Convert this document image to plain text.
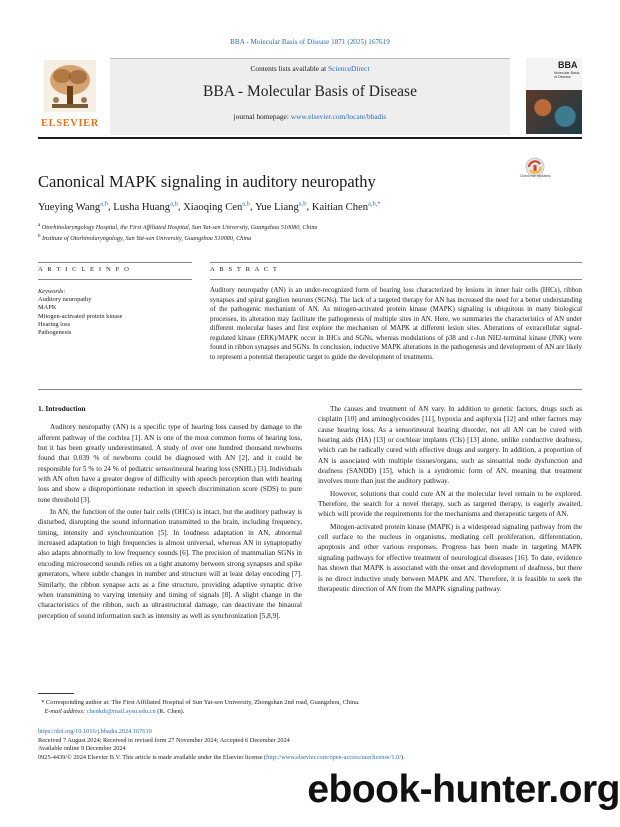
BBA - Molecular Basis of Disease 1871 (2025) 167619
ELSEVIER
Contents lists available at ScienceDirect
BBA - Molecular Basis of Disease
journal homepage: www.elsevier.com/locate/bbadis
BBA
Molecular Basis of Disease
Canonical MAPK signaling in auditory neuropathy	Check for updates
Yueying Wang$^{a,b}$, Lusha Huang$^{a,b}$, Xiaoqing Cen$^{a,b}$, Yue Liang$^{a,b}$, Kaitian Chen$^{a,b,*}$
$^a$ Otorhinolaryngology Hospital, the First Affiliated Hospital, Sun Yat-sen University, Guangzhou 510080, China
$^b$ Institute of Otorhinolaryngology, Sun Yat-sen University, Guangzhou 510080, China
A R T I C L E I N F O	A B S T R A C T
Keywords:
Auditory neuropathy
MAPK
Mitogen-activated protein kinase
Hearing loss
Pathogenesis
Auditory neuropathy (AN) is an under-recognized form of hearing loss characterized by lesions in inner hair cells (IHCs), ribbon synapses and spiral ganglion neurons (SGNs). The lack of a targeted therapy for AN has increased the need for a better understanding of the pathogenic mechanism of AN. As mitogen-activated protein kinase (MAPK) signaling is ubiquitous in many biological processes, its alteration may facilitate the pathogenesis of multiple sites in AN. Here, we summaries the characteristics of AN under different molecular bases and first explore the mechanism of MAPK at different lesion sites. Alterations of extracellular signal-regulated kinase (ERK)/MAPK occur in IHCs and SGNs, whereas modulations of p38 and c-Jun NH2-terminal kinase (JNK) were found in ribbon synapses and SGNs. In conclusion, inductive MAPK alterations in the pathogenesis and development of AN are likely to represent a potential therapeutic target to guide the development of treatments.
1. Introduction

Auditory neuropathy (AN) is a specific type of hearing loss caused by damage to the afferent pathway of the cochlea [1]. AN is one of the most common forms of hearing loss, but it has been greatly underestimated. A study of over one hundred thousand newborns found that 0.039 % of newborns could be diagnosed with AN [2], and it could be responsible for 5 % to 24 % of pediatric sensorineural hearing loss (SNHL) [3]. Individuals with AN often have a greater degree of difficulty with speech perception than with hearing loss and show a disproportionate reduction in speech discrimination score (SDS) to pure tone threshold [3].

In AN, the function of the outer hair cells (OHCs) is intact, but the auditory pathway is disturbed, disrupting the sound information transmitted to the brain, including frequency, timing, intensity and synchronization [5]. In loudness adaptation in AN, abnormal increased adaptation to high frequencies is almost universal, whereas AN in synaptopathy also adapts abnormally to low frequency sounds [6]. The precision of mammalian SGNs in encoding microsecond sounds relies on a tight anatomy between strong synapses and spike generators, where subtle changes in number and structure will at least delay encoding [7]. Similarly, the ribbon synapse acts as a fine structure, providing adaptive synaptic drive when transmitting to varying intensity and timing of signals [8]. A slight change in the characteristics of the ribbon, such as ultrastructural damage, can deactivate the binaural perception of sound information such as intensity as well as synchronization [5,8,9].

The causes and treatment of AN vary. In addition to genetic factors, drugs such as cisplatin [10] and aminoglycosides [11], hypoxia and asphyxia [12] and other factors may cause hearing loss. As a sensorineural hearing disorder, not all AN can be cured with hearing aids (HA) [13] or cochlear implants (CIs) [13] alone, unlike conductive deafness, which can be radically cured with effective drugs and surgery. In addition, a proportion of AN is associated with multiple tissues/organs, such as sinoatrial node dysfunction and deafness (SANDD) [15], which is a syndromic form of AN, meaning that treatment involves more than just the auditory pathway.

However, solutions that could cure AN at the molecular level remain to be explored. Therefore, the search for a novel therapy, such as targeted therapy, is eagerly awaited, which will provide the requirements for the mechanisms and therapeutic targets of AN.

Mitogen-activated protein kinase (MAPK) is a widespread signaling pathway from the cell surface to the nucleus in organisms, mediating cell proliferation, differentiation, apoptosis and other various responses. Progress has been made in targeting MAPK signaling pathways for effective treatment of neurological diseases [16]. To date, evidence has shown that MAPK is associated with the onset and development of deafness, but there is no direct inductive study between MAPK and AN. Therefore, it is feasible to seek the therapeutic direction of AN from the MAPK signaling pathway.

* Corresponding author at: The First Affiliated Hospital of Sun Yat-sen University, Zhongshan 2nd road, Guangzhou, China.
E-mail address: chenkdt@mail.sysu.edu.cn (K. Chen).
https://doi.org/10.1016/j.bbadis.2024.167619
Received 7 August 2024; Received in revised form 27 November 2024; Accepted 6 December 2024
Available online 9 December 2024
0925-4439/© 2024 Elsevier B.V. This article is made available under the Elsevier license (http://www.elsevier.com/open-access/userlicense/1.0/).
ebook-hunter.org
